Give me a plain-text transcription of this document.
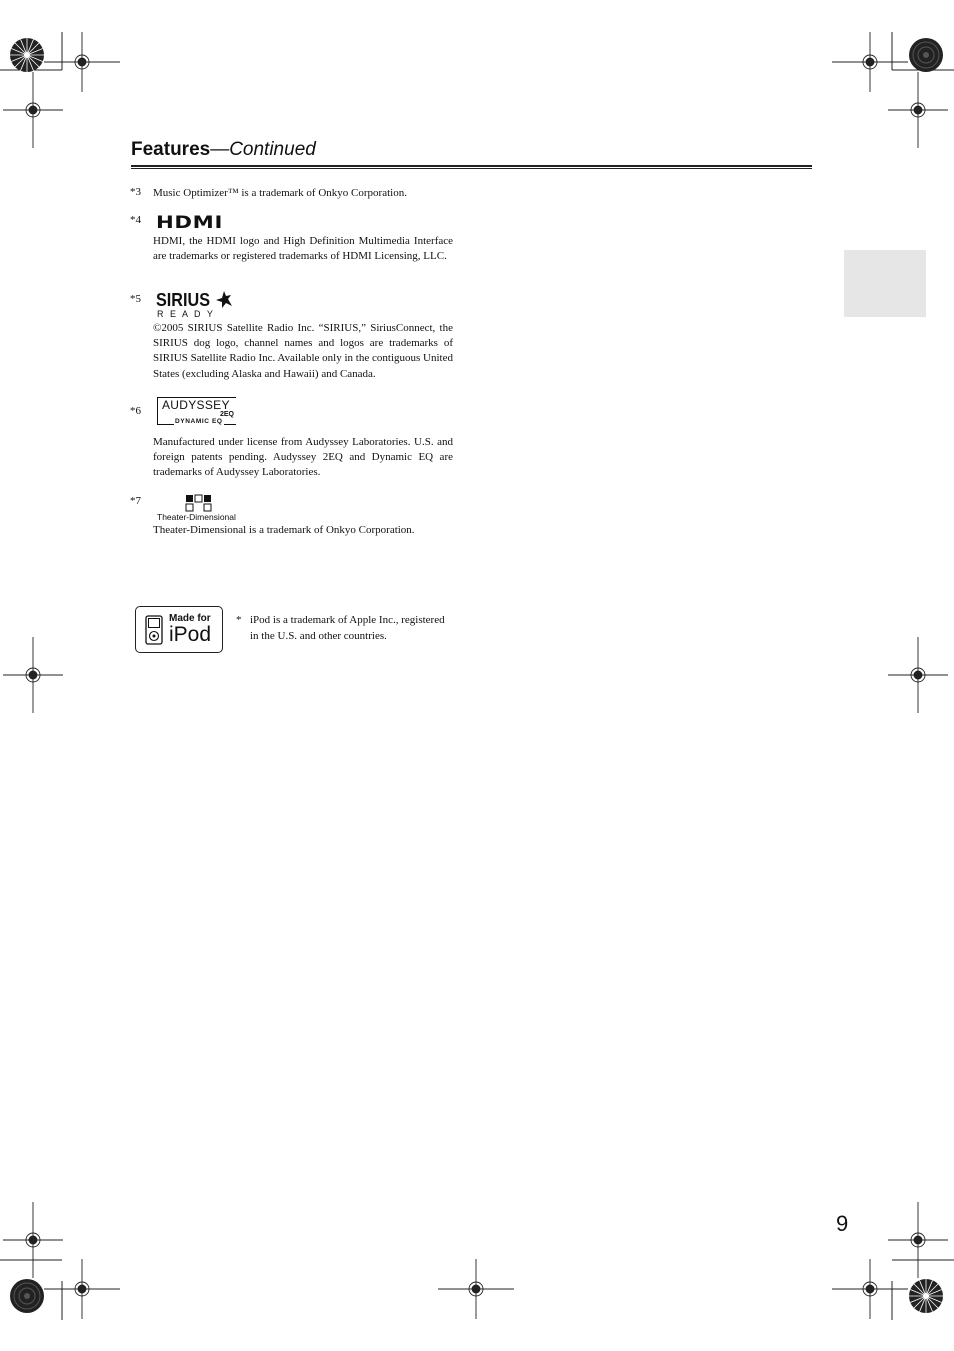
Features—Continued
*3 Music Optimizer™ is a trademark of Onkyo Corporation.
*4 HDMI
HDMI, the HDMI logo and High Definition Multimedia Interface are trademarks or registered trademarks of HDMI Licensing, LLC.
*5 SIRIUS
R E A D Y
©2005 SIRIUS Satellite Radio Inc. “SIRIUS,” SiriusConnect, the SIRIUS dog logo, channel names and logos are trademarks of SIRIUS Satellite Radio Inc. Available only in the contiguous United States (excluding Alaska and Hawaii) and Canada.
*6 AUDYSSEY
2EQ
DYNAMIC EQ
Manufactured under license from Audyssey Laboratories. U.S. and foreign patents pending. Audyssey 2EQ and Dynamic EQ are trademarks of Audyssey Laboratories.
*7
Theater-Dimensional
Theater-Dimensional is a trademark of Onkyo Corporation.
Made for
iPod
* iPod is a trademark of Apple Inc., registered in the U.S. and other countries.
9
